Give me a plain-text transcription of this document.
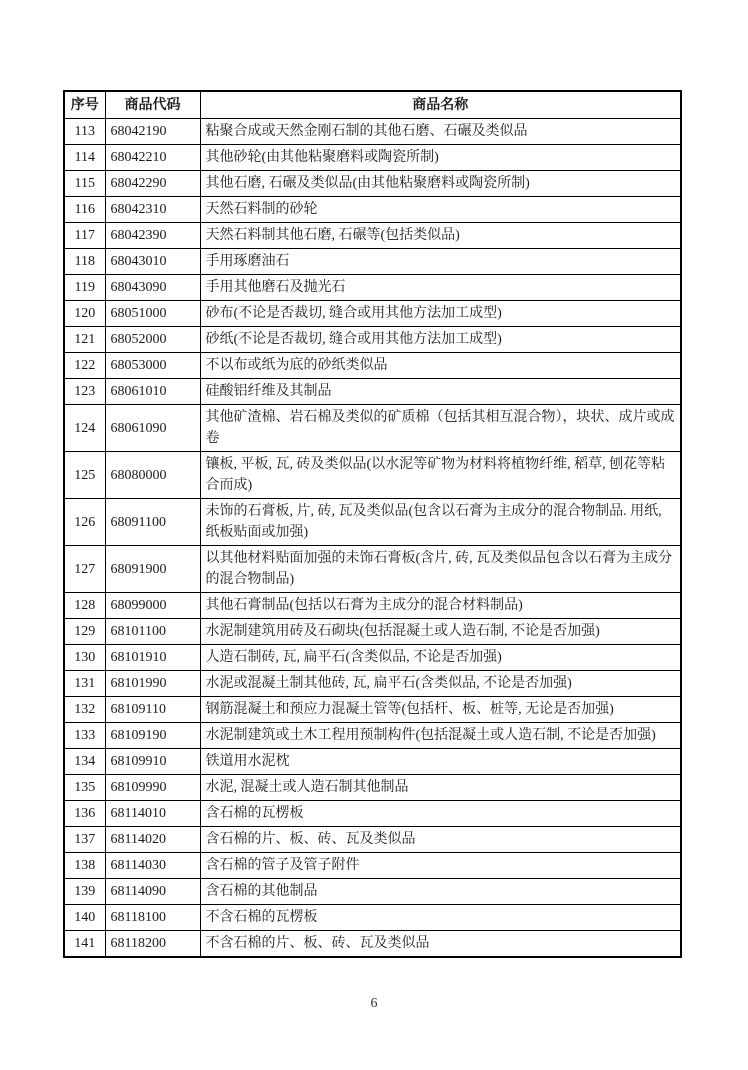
序号	商品代码	商品名称
113	68042190	粘聚合成或天然金刚石制的其他石磨、石碾及类似品
114	68042210	其他砂轮(由其他粘聚磨料或陶瓷所制)
115	68042290	其他石磨, 石碾及类似品(由其他粘聚磨料或陶瓷所制)
116	68042310	天然石料制的砂轮
117	68042390	天然石料制其他石磨, 石碾等(包括类似品)
118	68043010	手用琢磨油石
119	68043090	手用其他磨石及抛光石
120	68051000	砂布(不论是否裁切, 缝合或用其他方法加工成型)
121	68052000	砂纸(不论是否裁切, 缝合或用其他方法加工成型)
122	68053000	不以布或纸为底的砂纸类似品
123	68061010	硅酸铝纤维及其制品
124	68061090	其他矿渣棉、岩石棉及类似的矿质棉（包括其相互混合物），块状、成片或成卷
125	68080000	镶板, 平板, 瓦, 砖及类似品(以水泥等矿物为材料将植物纤维, 稻草, 刨花等粘合而成)
126	68091100	未饰的石膏板, 片, 砖, 瓦及类似品(包含以石膏为主成分的混合物制品. 用纸, 纸板贴面或加强)
127	68091900	以其他材料贴面加强的未饰石膏板(含片, 砖, 瓦及类似品包含以石膏为主成分的混合物制品)
128	68099000	其他石膏制品(包括以石膏为主成分的混合材料制品)
129	68101100	水泥制建筑用砖及石砌块(包括混凝土或人造石制, 不论是否加强)
130	68101910	人造石制砖, 瓦, 扁平石(含类似品, 不论是否加强)
131	68101990	水泥或混凝土制其他砖, 瓦, 扁平石(含类似品, 不论是否加强)
132	68109110	钢筋混凝土和预应力混凝土管等(包括杆、板、桩等, 无论是否加强)
133	68109190	水泥制建筑或土木工程用预制构件(包括混凝土或人造石制, 不论是否加强)
134	68109910	铁道用水泥枕
135	68109990	水泥, 混凝土或人造石制其他制品
136	68114010	含石棉的瓦楞板
137	68114020	含石棉的片、板、砖、瓦及类似品
138	68114030	含石棉的管子及管子附件
139	68114090	含石棉的其他制品
140	68118100	不含石棉的瓦楞板
141	68118200	不含石棉的片、板、砖、瓦及类似品
6
